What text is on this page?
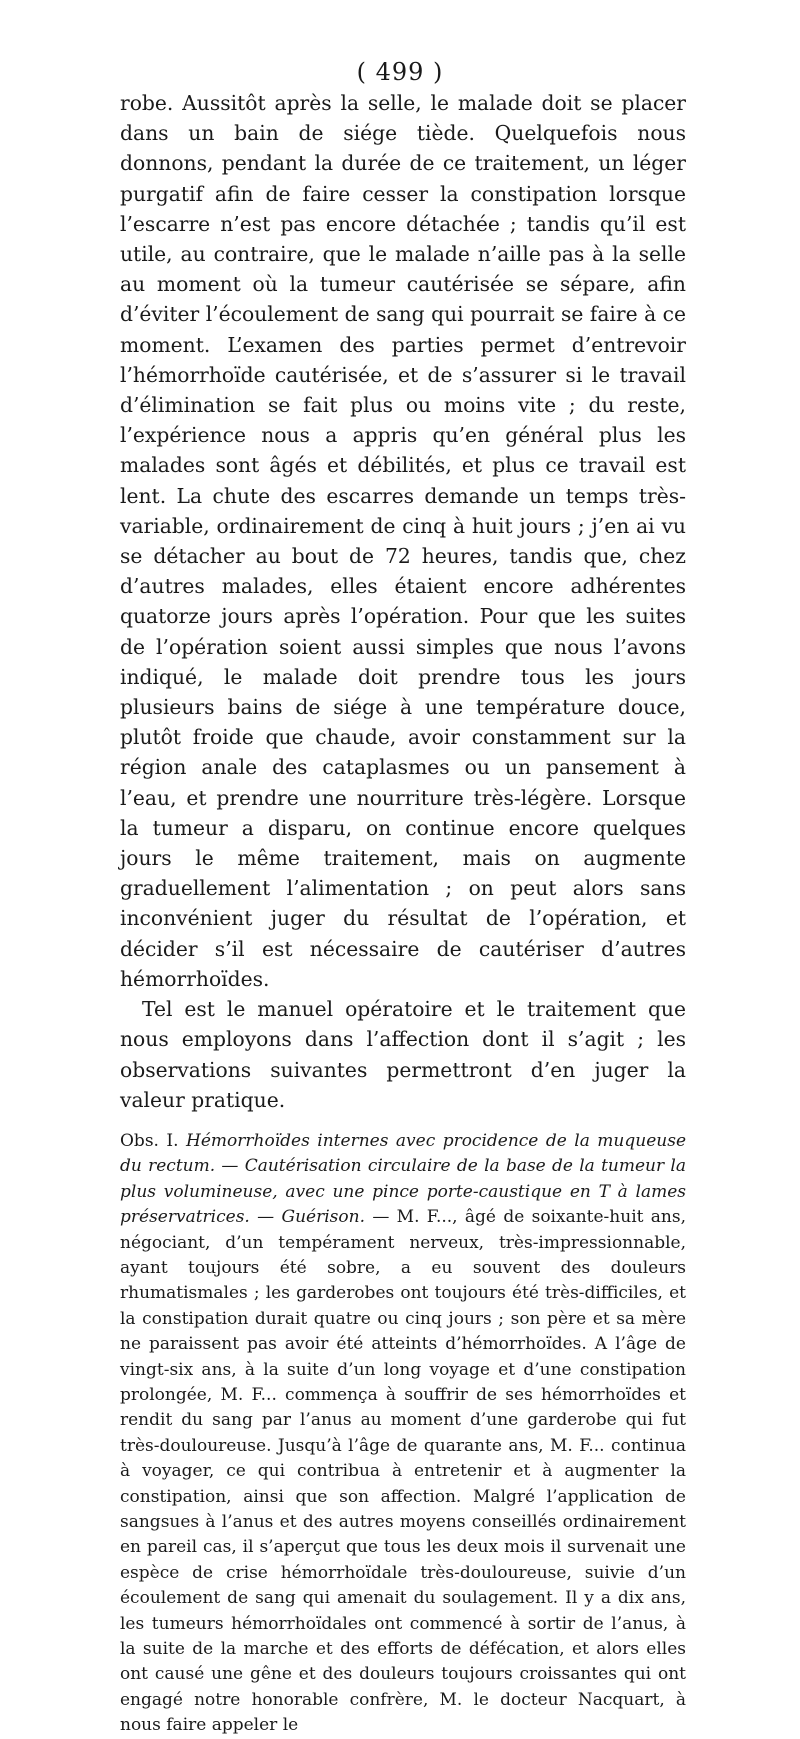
( 499 )

robe. Aussitôt après la selle, le malade doit se placer dans un bain de siége tiède. Quelquefois nous donnons, pendant la durée de ce traitement, un léger purgatif afin de faire cesser la constipation lorsque l’escarre n’est pas encore détachée ; tandis qu’il est utile, au contraire, que le malade n’aille pas à la selle au moment où la tumeur cautérisée se sépare, afin d’éviter l’écoulement de sang qui pourrait se faire à ce moment. L’examen des parties permet d’entrevoir l’hémorrhoïde cautérisée, et de s’assurer si le travail d’élimination se fait plus ou moins vite ; du reste, l’expérience nous a appris qu’en général plus les malades sont âgés et débilités, et plus ce travail est lent. La chute des escarres demande un temps très-variable, ordinairement de cinq à huit jours ; j’en ai vu se détacher au bout de 72 heures, tandis que, chez d’autres malades, elles étaient encore adhérentes quatorze jours après l’opération. Pour que les suites de l’opération soient aussi simples que nous l’avons indiqué, le malade doit prendre tous les jours plusieurs bains de siége à une température douce, plutôt froide que chaude, avoir constamment sur la région anale des cataplasmes ou un pansement à l’eau, et prendre une nourriture très-légère. Lorsque la tumeur a disparu, on continue encore quelques jours le même traitement, mais on augmente graduellement l’alimentation ; on peut alors sans inconvénient juger du résultat de l’opération, et décider s’il est nécessaire de cautériser d’autres hémorrhoïdes.

Tel est le manuel opératoire et le traitement que nous employons dans l’affection dont il s’agit ; les observations suivantes permettront d’en juger la valeur pratique.

Obs. I. Hémorrhoïdes internes avec procidence de la muqueuse du rectum. — Cautérisation circulaire de la base de la tumeur la plus volumineuse, avec une pince porte-caustique en T à lames préservatrices. — Guérison. — M. F..., âgé de soixante-huit ans, négociant, d’un tempérament nerveux, très-impressionnable, ayant toujours été sobre, a eu souvent des douleurs rhumatismales ; les garderobes ont toujours été très-difficiles, et la constipation durait quatre ou cinq jours ; son père et sa mère ne paraissent pas avoir été atteints d’hémorrhoïdes. A l’âge de vingt-six ans, à la suite d’un long voyage et d’une constipation prolongée, M. F... commença à souffrir de ses hémorrhoïdes et rendit du sang par l’anus au moment d’une garderobe qui fut très-douloureuse. Jusqu’à l’âge de quarante ans, M. F... continua à voyager, ce qui contribua à entretenir et à augmenter la constipation, ainsi que son affection. Malgré l’application de sangsues à l’anus et des autres moyens conseillés ordinairement en pareil cas, il s’aperçut que tous les deux mois il survenait une espèce de crise hémorrhoïdale très-douloureuse, suivie d’un écoulement de sang qui amenait du soulagement. Il y a dix ans, les tumeurs hémorrhoïdales ont commencé à sortir de l’anus, à la suite de la marche et des efforts de défécation, et alors elles ont causé une gêne et des douleurs toujours croissantes qui ont engagé notre honorable confrère, M. le docteur Nacquart, à nous faire appeler le
